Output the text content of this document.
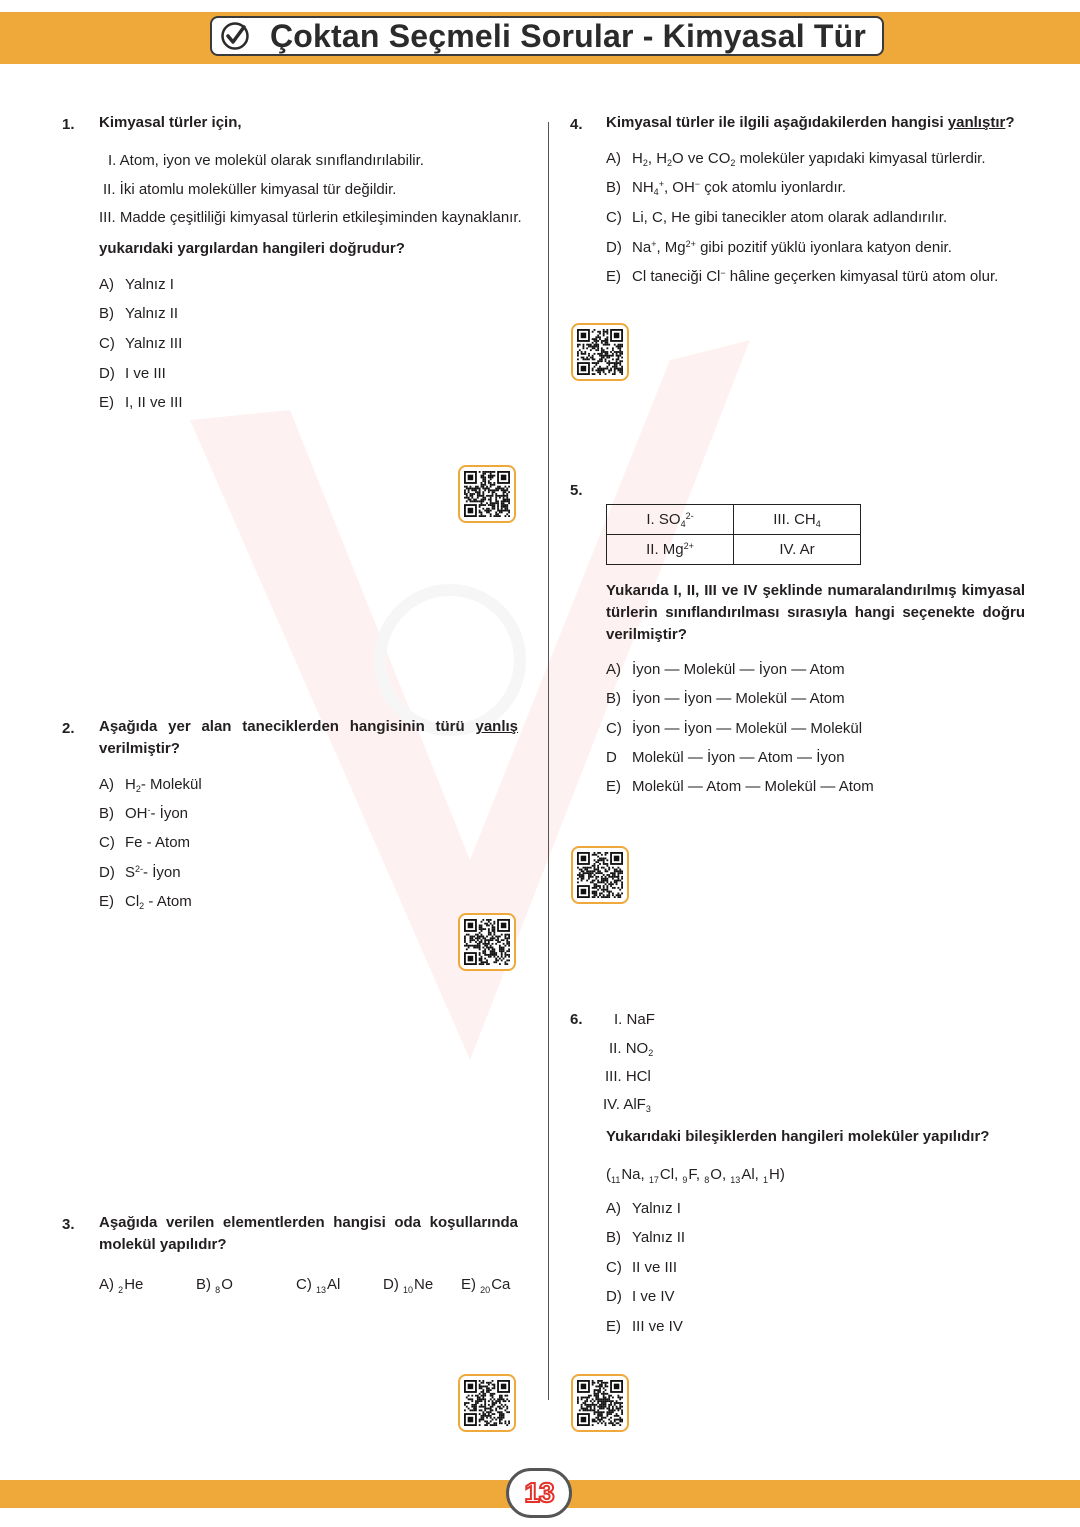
Çoktan Seçmeli Sorular - Kimyasal Tür
1. Kimyasal türler için,
I. Atom, iyon ve molekül olarak sınıflandırılabilir.
II. İki atomlu moleküller kimyasal tür değildir.
III. Madde çeşitliliği kimyasal türlerin etkileşiminden kaynaklanır.
yukarıdaki yargılardan hangileri doğrudur?
A) Yalnız I
B) Yalnız II
C) Yalnız III
D) I ve III
E) I, II ve III
2. Aşağıda yer alan taneciklerden hangisinin türü yanlış
verilmiştir?
A) $H_2-$ Molekül
B) OH-- İyon
C) Fe - Atom
D) $S^{2-}-$ İyon
E) $Cl_2$ - Atom
3. Aşağıda verilen elementlerden hangisi oda koşullarında
molekül yapılıdır?
A) $_2$He	B) $_8$O	C) $_{13}$Al	D) $_{10}$Ne E) $_{20}$Ca
4. Kimyasal türler ile ilgili aşağıdakilerden hangisi yanlıştır?
A) $H_2$, $H_2O$ ve $CO_2$ moleküler yapıdaki kimyasal türlerdir.
B) $NH_4^+$, OH− çok atomlu iyonlardır.
C) Li, C, He gibi tanecikler atom olarak adlandırılır.
D) Na+, $Mg^{2+}$ gibi pozitif yüklü iyonlara katyon denir.
E) Cl taneciği Cl− hâline geçerken kimyasal türü atom olur.
5.
I. $SO_4^{2-}$	III. $CH_4$
II. $Mg^{2+}$	IV. Ar
Yukarıda I, II, III ve IV şeklinde numaralandırılmış kimyasal
türlerin sınıflandırılması sırasıyla hangi seçenekte doğru
verilmiştir?
A) İyon — Molekül — İyon — Atom
B) İyon — İyon — Molekül — Atom
C) İyon — İyon — Molekül — Molekül
D Molekül — İyon — Atom — İyon
E) Molekül — Atom — Molekül — Atom
6. I. NaF
II. $NO_2$
III. HCl
IV. AlF$_3$
Yukarıdaki bileşiklerden hangileri moleküler yapılıdır?
($_{11}Na$, $_{17}$Cl, $_9$F, $_8$O, $_{13}$Al, $_1$H)
A) Yalnız I
B) Yalnız II
C) II ve III
D) I ve IV
E) III ve IV
13
